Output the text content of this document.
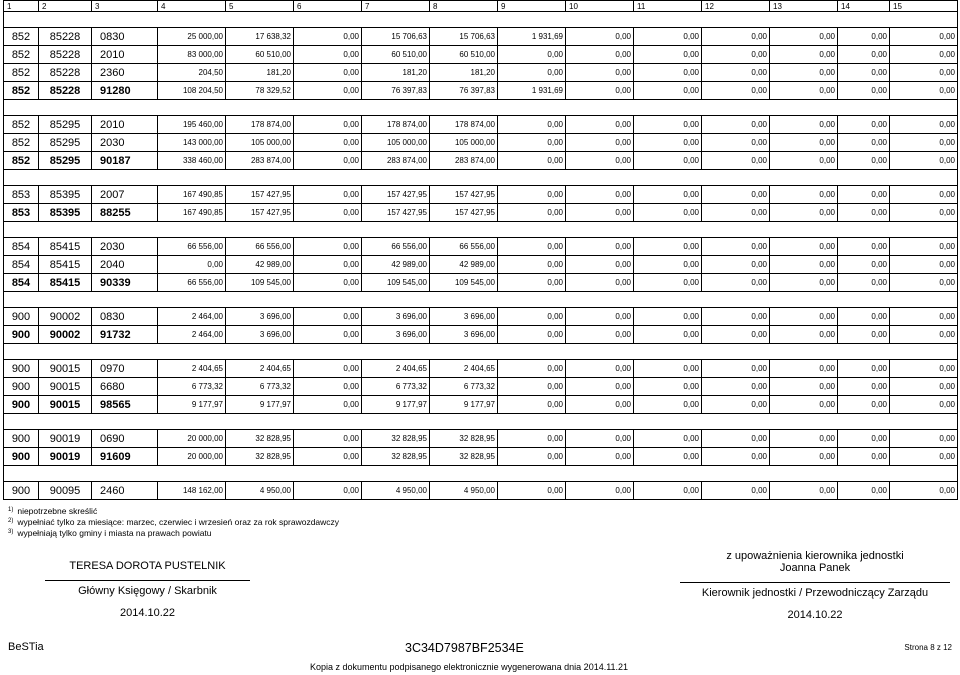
1	2	3	4	5	6	7	8	9	10	11	12	13	14	15

852	85228	0830	25 000,00	17 638,32	0,00	15 706,63	15 706,63	1 931,69	0,00	0,00	0,00	0,00	0,00	0,00
852	85228	2010	83 000,00	60 510,00	0,00	60 510,00	60 510,00	0,00	0,00	0,00	0,00	0,00	0,00	0,00
852	85228	2360	204,50	181,20	0,00	181,20	181,20	0,00	0,00	0,00	0,00	0,00	0,00	0,00
852	85228	91280	108 204,50	78 329,52	0,00	76 397,83	76 397,83	1 931,69	0,00	0,00	0,00	0,00	0,00	0,00

852	85295	2010	195 460,00	178 874,00	0,00	178 874,00	178 874,00	0,00	0,00	0,00	0,00	0,00	0,00	0,00
852	85295	2030	143 000,00	105 000,00	0,00	105 000,00	105 000,00	0,00	0,00	0,00	0,00	0,00	0,00	0,00
852	85295	90187	338 460,00	283 874,00	0,00	283 874,00	283 874,00	0,00	0,00	0,00	0,00	0,00	0,00	0,00

853	85395	2007	167 490,85	157 427,95	0,00	157 427,95	157 427,95	0,00	0,00	0,00	0,00	0,00	0,00	0,00
853	85395	88255	167 490,85	157 427,95	0,00	157 427,95	157 427,95	0,00	0,00	0,00	0,00	0,00	0,00	0,00

854	85415	2030	66 556,00	66 556,00	0,00	66 556,00	66 556,00	0,00	0,00	0,00	0,00	0,00	0,00	0,00
854	85415	2040	0,00	42 989,00	0,00	42 989,00	42 989,00	0,00	0,00	0,00	0,00	0,00	0,00	0,00
854	85415	90339	66 556,00	109 545,00	0,00	109 545,00	109 545,00	0,00	0,00	0,00	0,00	0,00	0,00	0,00

900	90002	0830	2 464,00	3 696,00	0,00	3 696,00	3 696,00	0,00	0,00	0,00	0,00	0,00	0,00	0,00
900	90002	91732	2 464,00	3 696,00	0,00	3 696,00	3 696,00	0,00	0,00	0,00	0,00	0,00	0,00	0,00

900	90015	0970	2 404,65	2 404,65	0,00	2 404,65	2 404,65	0,00	0,00	0,00	0,00	0,00	0,00	0,00
900	90015	6680	6 773,32	6 773,32	0,00	6 773,32	6 773,32	0,00	0,00	0,00	0,00	0,00	0,00	0,00
900	90015	98565	9 177,97	9 177,97	0,00	9 177,97	9 177,97	0,00	0,00	0,00	0,00	0,00	0,00	0,00

900	90019	0690	20 000,00	32 828,95	0,00	32 828,95	32 828,95	0,00	0,00	0,00	0,00	0,00	0,00	0,00
900	90019	91609	20 000,00	32 828,95	0,00	32 828,95	32 828,95	0,00	0,00	0,00	0,00	0,00	0,00	0,00

900	90095	2460	148 162,00	4 950,00	0,00	4 950,00	4 950,00	0,00	0,00	0,00	0,00	0,00	0,00	0,00
$^{1)}$ niepotrzebne skreślić
$^{2)}$ wypełniać tylko za miesiące: marzec, czerwiec i wrzesień oraz za rok sprawozdawczy
$^{3)}$ wypełniają tylko gminy i miasta na prawach powiatu
TERESA DOROTA PUSTELNIK
Główny Księgowy / Skarbnik
2014.10.22
z upoważnienia kierownika jednostki
Joanna Panek
Kierownik jednostki / Przewodniczący Zarządu
2014.10.22
BeSTia	3C34D7987BF2534E	Strona 8 z 12
Kopia z dokumentu podpisanego elektronicznie wygenerowana dnia 2014.11.21
